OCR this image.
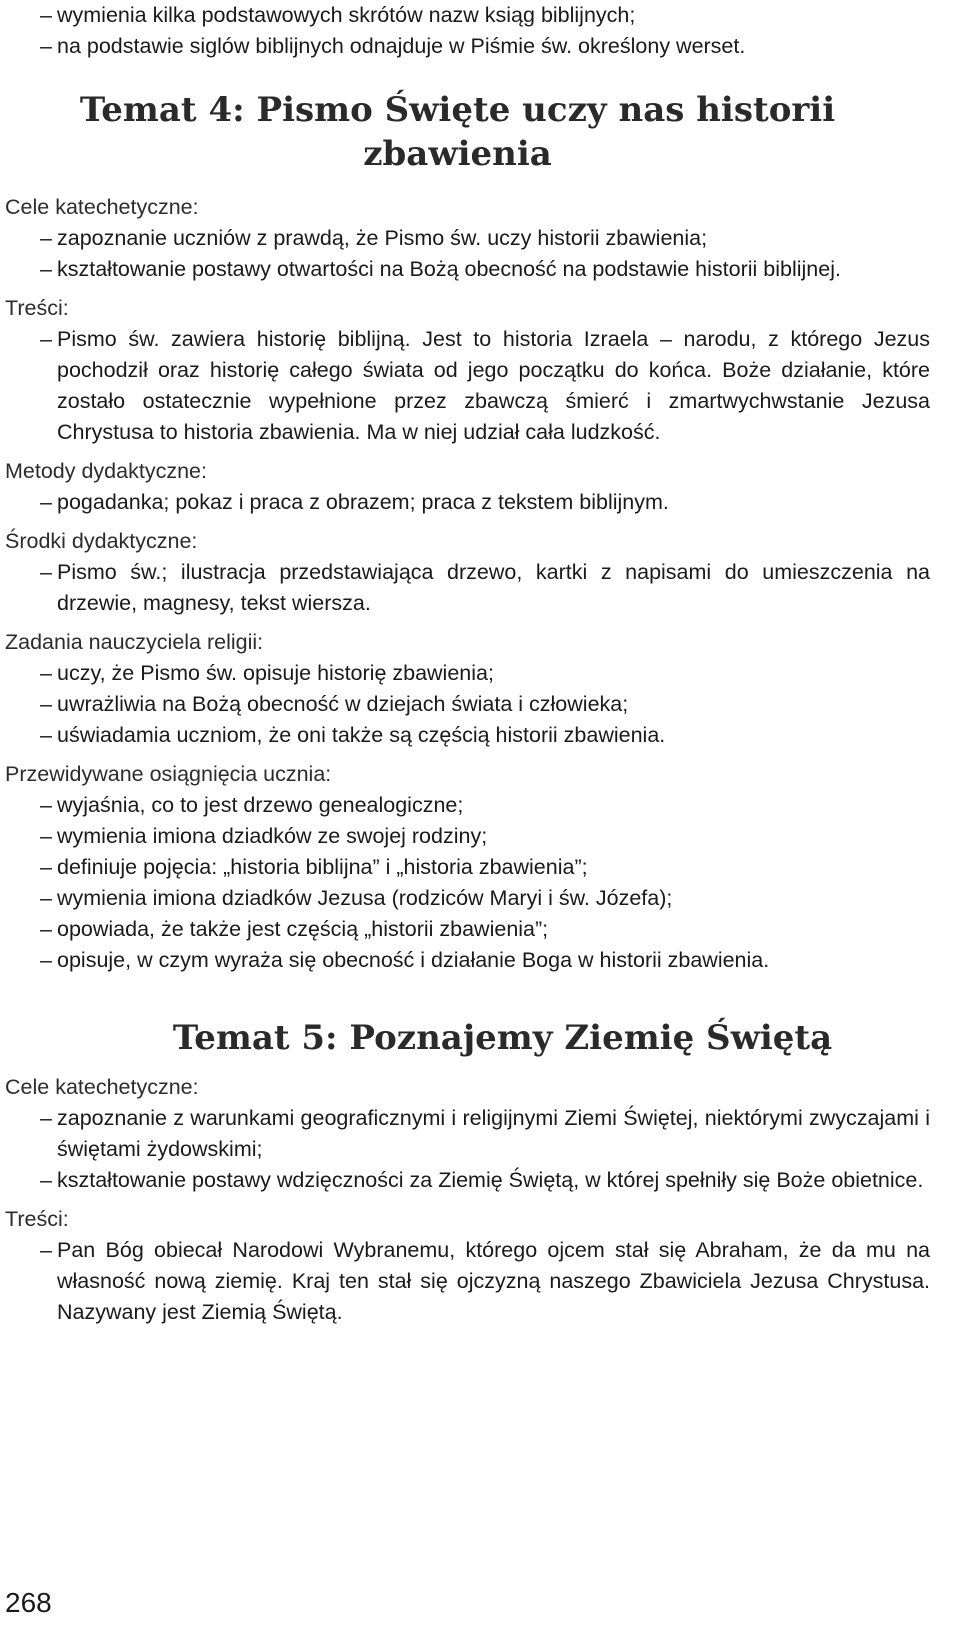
– wymienia kilka podstawowych skrótów nazw ksiąg biblijnych;
– na podstawie siglów biblijnych odnajduje w Piśmie św. określony werset.
Temat 4: Pismo Święte uczy nas historii zbawienia
Cele katechetyczne:
– zapoznanie uczniów z prawdą, że Pismo św. uczy historii zbawienia;
– kształtowanie postawy otwartości na Bożą obecność na podstawie historii biblijnej.
Treści:
– Pismo św. zawiera historię biblijną. Jest to historia Izraela – narodu, z którego Jezus pochodził oraz historię całego świata od jego początku do końca. Boże działanie, które zostało ostatecznie wypełnione przez zbawczą śmierć i zmartwychwstanie Jezusa Chrystusa to historia zbawienia. Ma w niej udział cała ludzkość.
Metody dydaktyczne:
– pogadanka; pokaz i praca z obrazem; praca z tekstem biblijnym.
Środki dydaktyczne:
– Pismo św.; ilustracja przedstawiająca drzewo, kartki z napisami do umieszczenia na drzewie, magnesy, tekst wiersza.
Zadania nauczyciela religii:
– uczy, że Pismo św. opisuje historię zbawienia;
– uwrażliwia na Bożą obecność w dziejach świata i człowieka;
– uświadamia uczniom, że oni także są częścią historii zbawienia.
Przewidywane osiągnięcia ucznia:
– wyjaśnia, co to jest drzewo genealogiczne;
– wymienia imiona dziadków ze swojej rodziny;
– definiuje pojęcia: „historia biblijna” i „historia zbawienia”;
– wymienia imiona dziadków Jezusa (rodziców Maryi i św. Józefa);
– opowiada, że także jest częścią „historii zbawienia”;
– opisuje, w czym wyraża się obecność i działanie Boga w historii zbawienia.
Temat 5: Poznajemy Ziemię Świętą
Cele katechetyczne:
– zapoznanie z warunkami geograficznymi i religijnymi Ziemi Świętej, niektórymi zwyczajami i świętami żydowskimi;
– kształtowanie postawy wdzięczności za Ziemię Świętą, w której spełniły się Boże obietnice.
Treści:
– Pan Bóg obiecał Narodowi Wybranemu, którego ojcem stał się Abraham, że da mu na własność nową ziemię. Kraj ten stał się ojczyzną naszego Zbawiciela Jezusa Chrystusa. Nazywany jest Ziemią Świętą.
268
